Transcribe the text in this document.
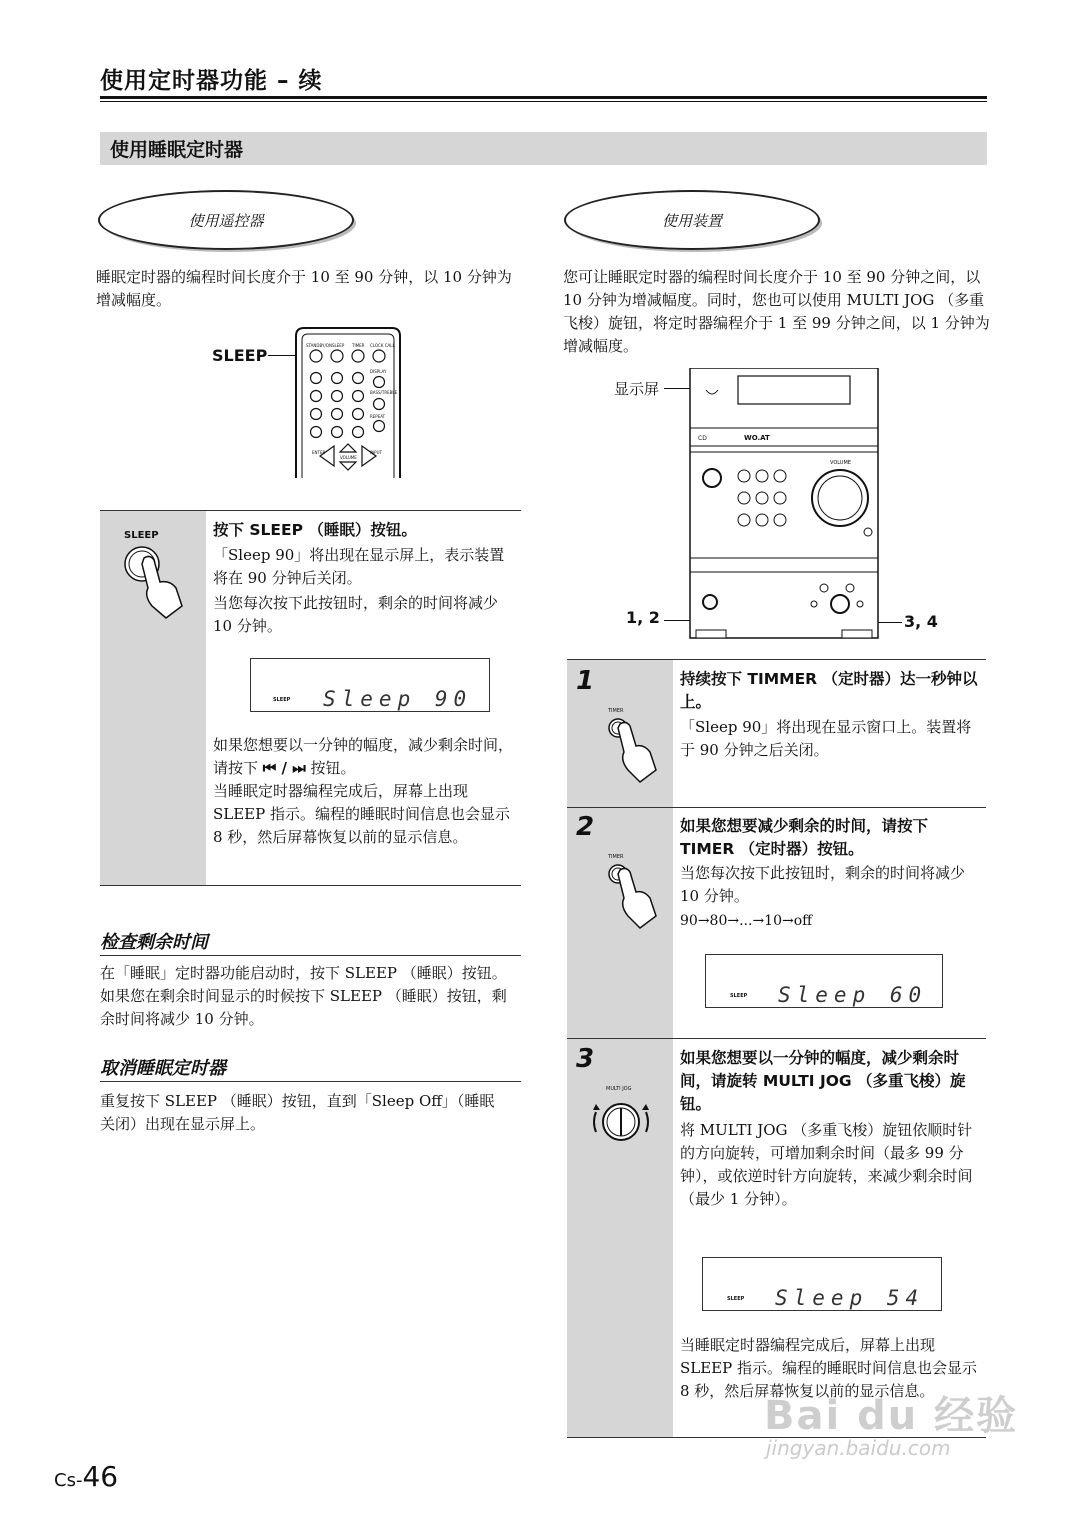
使用定时器功能 – 续
使用睡眠定时器
使用遥控器	使用装置
睡眠定时器的编程时间长度介于 10 至 90 分钟，以 10 分钟为增减幅度。
SLEEP
STANDBY/ON SLEEP TIMER CLOCK CALL
DISPLAY
BASS/TREBLE
REPEAT
ENTER
VOLUME
INPUT
您可让睡眠定时器的编程时间长度介于 10 至 90 分钟之间，以 10 分钟为增减幅度。同时，您也可以使用 MULTI JOG （多重飞梭）旋钮，将定时器编程介于 1 至 99 分钟之间，以 1 分钟为增减幅度。
显示屏
1, 2	3, 4
CD	WO.AT
VOLUME
SLEEP	按下 SLEEP （睡眠）按钮。
「Sleep 90」将出现在显示屏上，表示装置将在 90 分钟后关闭。
当您每次按下此按钮时，剩余的时间将减少 10 分钟。
SLEEP Sleep 90
如果您想要以一分钟的幅度，减少剩余时间，请按下 ⏮ / ⏭ 按钮。
当睡眠定时器编程完成后，屏幕上出现 SLEEP 指示。编程的睡眠时间信息也会显示 8 秒，然后屏幕恢复以前的显示信息。
检查剩余时间
在「睡眠」定时器功能启动时，按下 SLEEP （睡眠）按钮。如果您在剩余时间显示的时候按下 SLEEP （睡眠）按钮，剩余时间将减少 10 分钟。
取消睡眠定时器
重复按下 SLEEP （睡眠）按钮，直到「Sleep Off」（睡眠关闭）出现在显示屏上。
1
TIMER
持续按下 TIMMER （定时器）达一秒钟以上。
「Sleep 90」将出现在显示窗口上。装置将于 90 分钟之后关闭。
2
TIMER
如果您想要减少剩余的时间，请按下 TIMER （定时器）按钮。
当您每次按下此按钮时，剩余的时间将减少 10 分钟。
90→80→...→10→off
SLEEP Sleep 60
3
MULTI JOG
如果您想要以一分钟的幅度，减少剩余时间，请旋转 MULTI JOG （多重飞梭）旋钮。
将 MULTI JOG （多重飞梭）旋钮依顺时针的方向旋转，可增加剩余时间（最多 99 分钟），或依逆时针方向旋转，来减少剩余时间 （最少 1 分钟）。
SLEEP Sleep 54
当睡眠定时器编程完成后，屏幕上出现 SLEEP 指示。编程的睡眠时间信息也会显示 8 秒，然后屏幕恢复以前的显示信息。
Bai du 经验
jingyan.baidu.com
Cs-46
